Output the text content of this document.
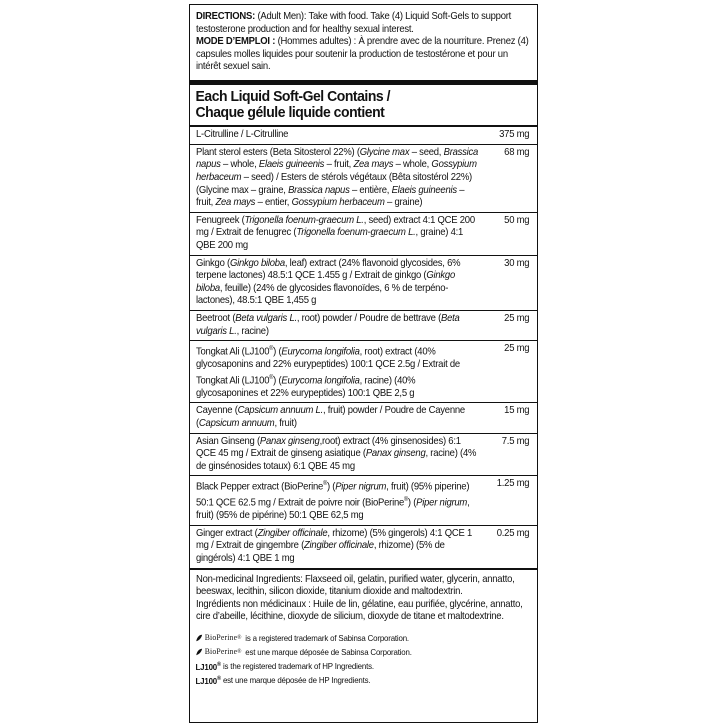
DIRECTIONS: (Adult Men): Take with food. Take (4) Liquid Soft-Gels to support testosterone production and for healthy sexual interest.
MODE D’EMPLOI : (Hommes adultes) : À prendre avec de la nourriture. Prenez (4) capsules molles liquides pour soutenir la production de testostérone et pour un intérêt sexuel sain.
Each Liquid Soft-Gel Contains /
Chaque gélule liquide contient
L-Citrulline / L-Citrulline	375 mg
Plant sterol esters (Beta Sitosterol 22%) (Glycine max – seed, Brassica napus – whole, Elaeis guineenis – fruit, Zea mays – whole, Gossypium herbaceum – seed) / Esters de stérols végétaux (Bêta sitostérol 22%) (Glycine max – graine, Brassica napus – entière, Elaeis guineenis – fruit, Zea mays – entier, Gossypium herbaceum – graine)
68 mg
Fenugreek (Trigonella foenum-graecum L., seed) extract 4:1 QCE 200 mg / Extrait de fenugrec (Trigonella foenum-graecum L., graine) 4:1 QBE 200 mg
50 mg
Ginkgo (Ginkgo biloba, leaf) extract (24% flavonoid glycosides, 6% terpene lactones) 48.5:1 QCE 1.455 g / Extrait de ginkgo (Ginkgo biloba, feuille) (24% de glycosides flavonoïdes, 6 % de terpéno-lactones), 48.5:1 QBE 1,455 g
30 mg
Beetroot (Beta vulgaris L., root) powder / Poudre de bettrave (Beta vulgaris L., racine)
25 mg
Tongkat Ali (LJ100®) (Eurycoma longifolia, root) extract (40% glycosaponins and 22% eurypeptides) 100:1 QCE 2.5g / Extrait de Tongkat Ali (LJ100®) (Eurycoma longifolia, racine) (40% glycosaponines et 22% eurypeptides) 100:1 QBE 2,5 g
25 mg
Cayenne (Capsicum annuum L., fruit) powder / Poudre de Cayenne (Capsicum annuum, fruit)
15 mg
Asian Ginseng (Panax ginseng,root) extract (4% ginsenosides) 6:1 QCE 45 mg / Extrait de ginseng asiatique (Panax ginseng, racine) (4% de ginsénosides totaux) 6:1 QBE 45 mg
7.5 mg
Black Pepper extract (BioPerine®) (Piper nigrum, fruit) (95% piperine) 50:1 QCE 62.5 mg / Extrait de poivre noir (BioPerine®) (Piper nigrum, fruit) (95% de pipérine) 50:1 QBE 62,5 mg
1.25 mg
Ginger extract (Zingiber officinale, rhizome) (5% gingerols) 4:1 QCE 1 mg / Extrait de gingembre (Zingiber officinale, rhizome) (5% de gingérols) 4:1 QBE 1 mg
0.25 mg
Non-medicinal Ingredients: Flaxseed oil, gelatin, purified water, glycerin, annatto, beeswax, lecithin, silicon dioxide, titanium dioxide and maltodextrin.
Ingrédients non médicinaux : Huile de lin, gélatine, eau purifiée, glycérine, annatto, cire d’abeille, lécithine, dioxyde de silicium, dioxyde de titane et maltodextrine.
BioPerine ® is a registered trademark of Sabinsa Corporation.
BioPerine ® est une marque déposée de Sabinsa Corporation.
LJ100®
is the registered trademark of HP Ingredients.
LJ100®
est une marque déposée de HP Ingredients.
